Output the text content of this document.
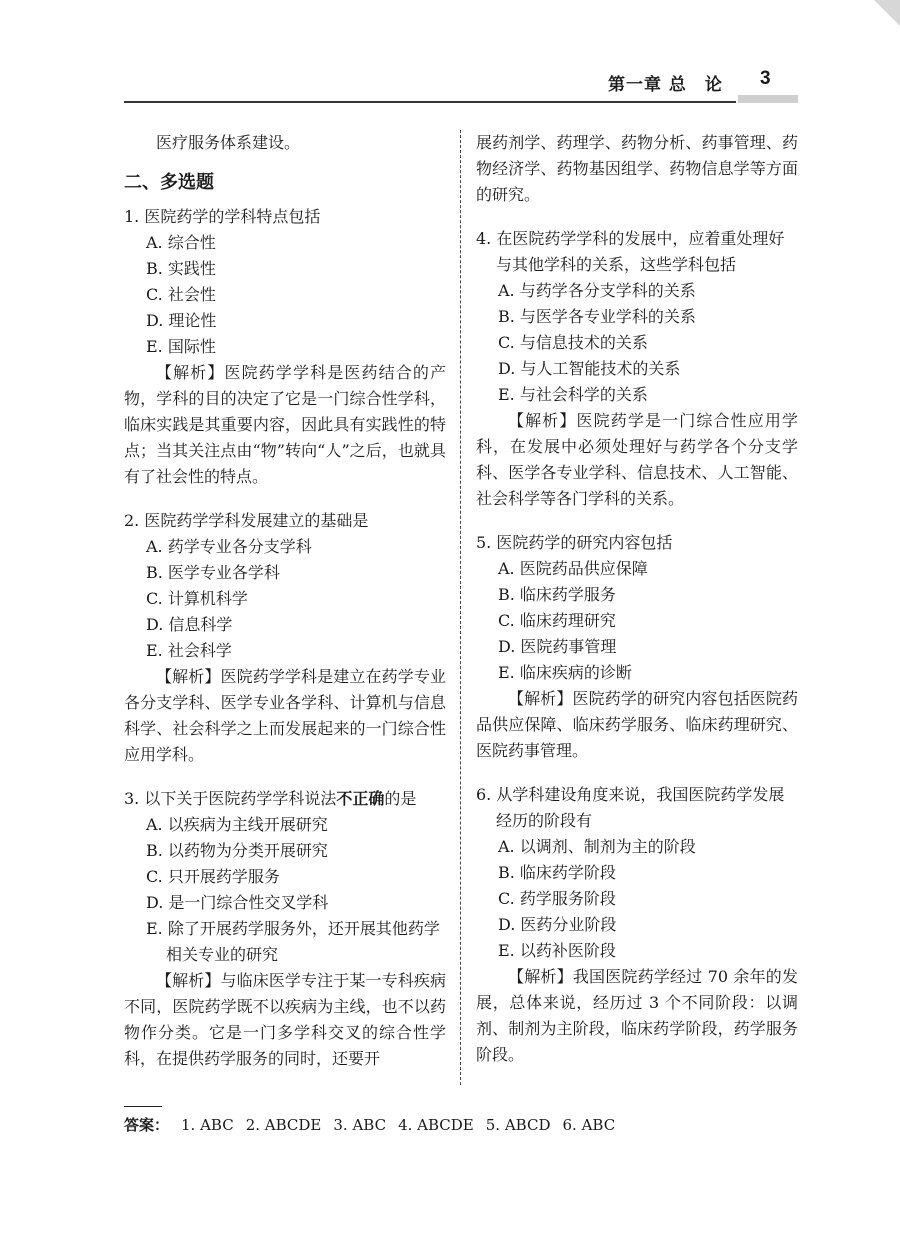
第一章 总　论 3

医疗服务体系建设。

二、多选题

1. 医院药学的学科特点包括

A. 综合性

B. 实践性

C. 社会性

D. 理论性

E. 国际性

【解析】医院药学学科是医药结合的产物，学科的目的决定了它是一门综合性学科，临床实践是其重要内容，因此具有实践性的特点；当其关注点由“物”转向“人”之后，也就具有了社会性的特点。

2. 医院药学学科发展建立的基础是

A. 药学专业各分支学科

B. 医学专业各学科

C. 计算机科学

D. 信息科学

E. 社会科学

【解析】医院药学学科是建立在药学专业各分支学科、医学专业各学科、计算机与信息科学、社会科学之上而发展起来的一门综合性应用学科。

3. 以下关于医院药学学科说法不正确的是

A. 以疾病为主线开展研究

B. 以药物为分类开展研究

C. 只开展药学服务

D. 是一门综合性交叉学科

E. 除了开展药学服务外，还开展其他药学相关专业的研究

【解析】与临床医学专注于某一专科疾病不同，医院药学既不以疾病为主线，也不以药物作分类。它是一门多学科交叉的综合性学科，在提供药学服务的同时，还要开

展药剂学、药理学、药物分析、药事管理、药物经济学、药物基因组学、药物信息学等方面的研究。

4. 在医院药学学科的发展中，应着重处理好与其他学科的关系，这些学科包括

A. 与药学各分支学科的关系

B. 与医学各专业学科的关系

C. 与信息技术的关系

D. 与人工智能技术的关系

E. 与社会科学的关系

【解析】医院药学是一门综合性应用学科，在发展中必须处理好与药学各个分支学科、医学各专业学科、信息技术、人工智能、社会科学等各门学科的关系。

5. 医院药学的研究内容包括

A. 医院药品供应保障

B. 临床药学服务

C. 临床药理研究

D. 医院药事管理

E. 临床疾病的诊断

【解析】医院药学的研究内容包括医院药品供应保障、临床药学服务、临床药理研究、医院药事管理。

6. 从学科建设角度来说，我国医院药学发展经历的阶段有

A. 以调剂、制剂为主的阶段

B. 临床药学阶段

C. 药学服务阶段

D. 医药分业阶段

E. 以药补医阶段

【解析】我国医院药学经过 70 余年的发展，总体来说，经历过 3 个不同阶段：以调剂、制剂为主阶段，临床药学阶段，药学服务阶段。

答案： 1. ABC 2. ABCDE 3. ABC 4. ABCDE 5. ABCD 6. ABC
